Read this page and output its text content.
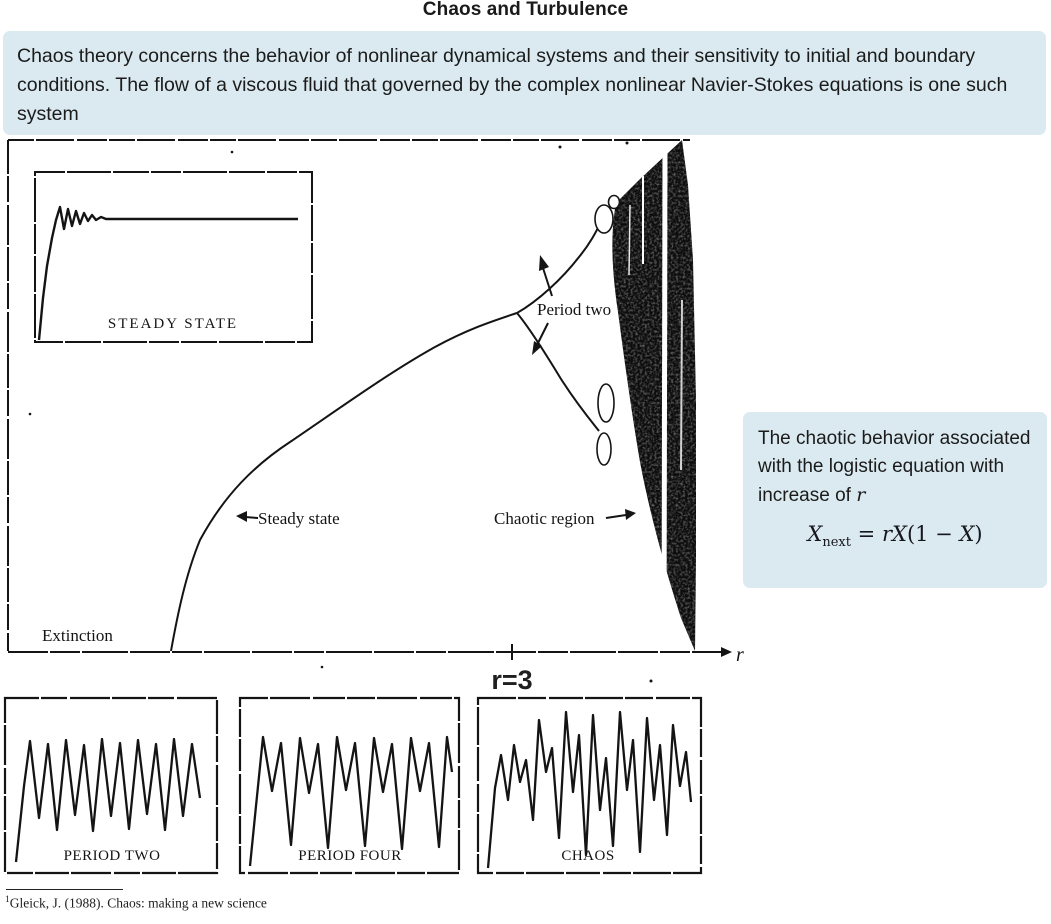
Chaos and Turbulence
Chaos theory concerns the behavior of nonlinear dynamical systems and their sensitivity to initial and boundary conditions. The flow of a viscous fluid that governed by the complex nonlinear Navier-Stokes equations is one such system
STEADY STATE
Period two
Steady state	Chaotic region
Extinction
r
r=3
PERIOD TWO	PERIOD FOUR	CHAOS
The chaotic behavior associated with the logistic equation with increase of r
$X_{next} = rX(1 - X)$
$^1$Gleick, J. (1988). Chaos: making a new science
